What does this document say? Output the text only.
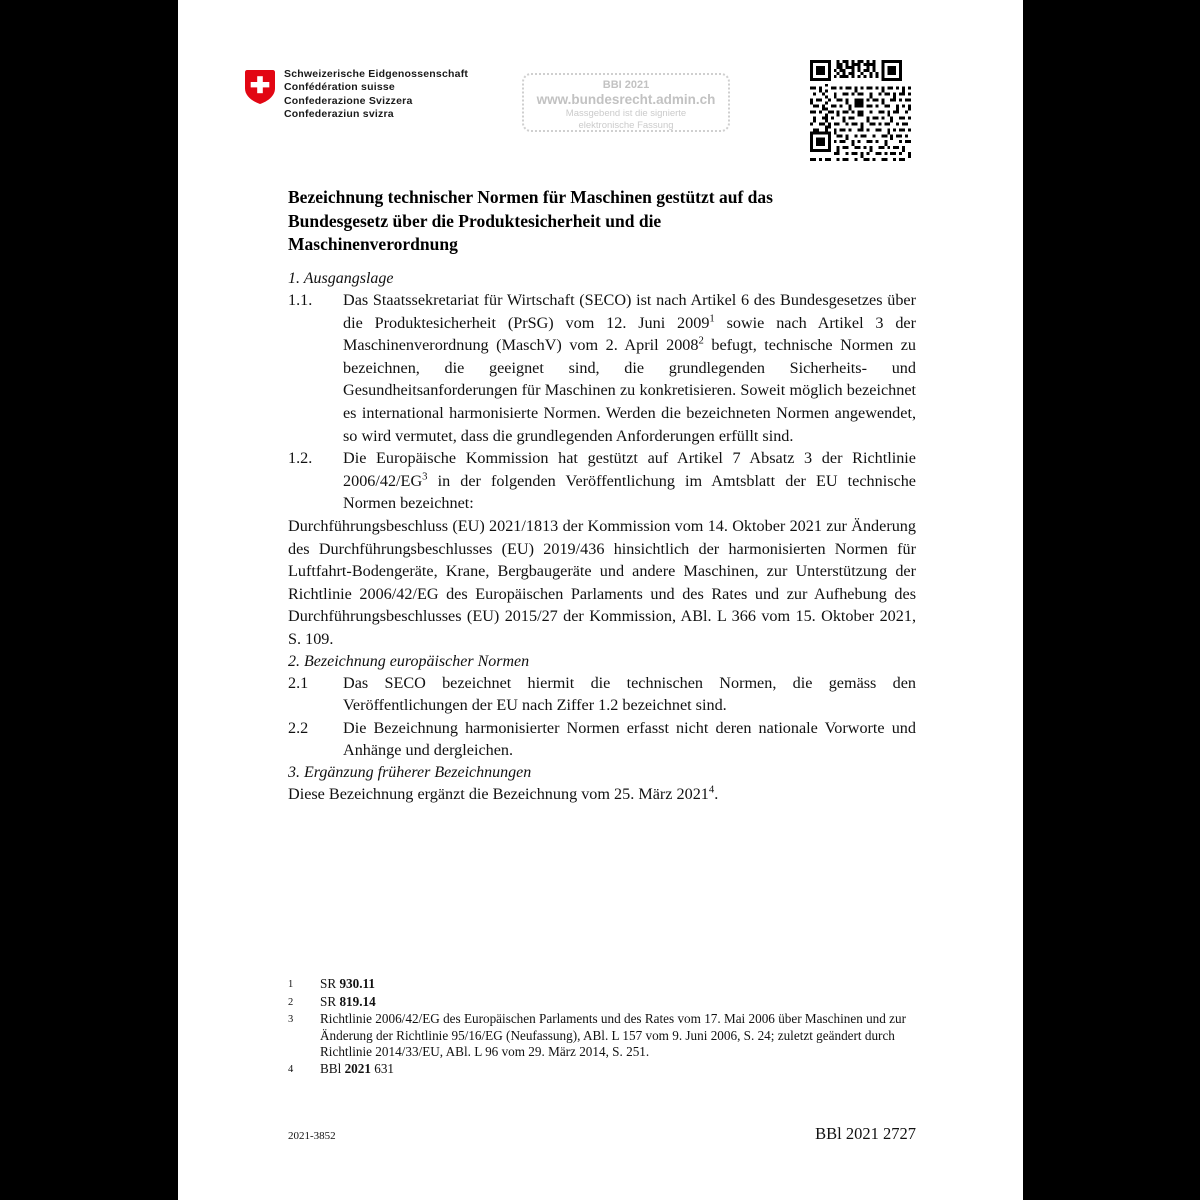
Schweizerische Eidgenossenschaft
Confédération suisse
Confederazione Svizzera
Confederaziun svizra
BBI 2021
www.bundesrecht.admin.ch
Massgebend ist die signierte
elektronische Fassung
Bezeichnung technischer Normen für Maschinen gestützt auf das Bundesgesetz über die Produktesicherheit und die Maschinenverordnung
1. Ausgangslage
1.1.	Das Staatssekretariat für Wirtschaft (SECO) ist nach Artikel 6 des Bundesgesetzes über die Produktesicherheit (PrSG) vom 12. Juni 2009$^1$ sowie nach Artikel 3 der Maschinenverordnung (MaschV) vom 2. April 2008$^2$ befugt, technische Normen zu bezeichnen, die geeignet sind, die grundlegenden Sicherheits- und Gesundheitsanforderungen für Maschinen zu konkretisieren. Soweit möglich bezeichnet es international harmonisierte Normen. Werden die bezeichneten Normen angewendet, so wird vermutet, dass die grundlegenden Anforderungen erfüllt sind.
1.2.	Die Europäische Kommission hat gestützt auf Artikel 7 Absatz 3 der Richtlinie $2006/42/EG^3$ in der folgenden Veröffentlichung im Amtsblatt der EU technische Normen bezeichnet:
Durchführungsbeschluss (EU) 2021/1813 der Kommission vom 14. Oktober 2021 zur Änderung des Durchführungsbeschlusses (EU) 2019/436 hinsichtlich der harmonisierten Normen für Luftfahrt-Bodengeräte, Krane, Bergbaugeräte und andere Maschinen, zur Unterstützung der Richtlinie 2006/42/EG des Europäischen Parlaments und des Rates und zur Aufhebung des Durchführungsbeschlusses (EU) 2015/27 der Kommission, ABl. L 366 vom 15. Oktober 2021, S. 109.
2. Bezeichnung europäischer Normen
2.1	Das SECO bezeichnet hiermit die technischen Normen, die gemäss den Veröffentlichungen der EU nach Ziffer 1.2 bezeichnet sind.
2.2	Die Bezeichnung harmonisierter Normen erfasst nicht deren nationale Vorworte und Anhänge und dergleichen.
3. Ergänzung früherer Bezeichnungen
Diese Bezeichnung ergänzt die Bezeichnung vom 25. März 2021$^4$.
1	SR 930.11
2	SR 819.14
3	Richtlinie 2006/42/EG des Europäischen Parlaments und des Rates vom 17. Mai 2006 über Maschinen und zur Änderung der Richtlinie 95/16/EG (Neufassung), ABl. L 157 vom 9. Juni 2006, S. 24; zuletzt geändert durch Richtlinie 2014/33/EU, ABl. L 96 vom 29. März 2014, S. 251.
4	BBl 2021 631
2021-3852	BBl 2021 2727
